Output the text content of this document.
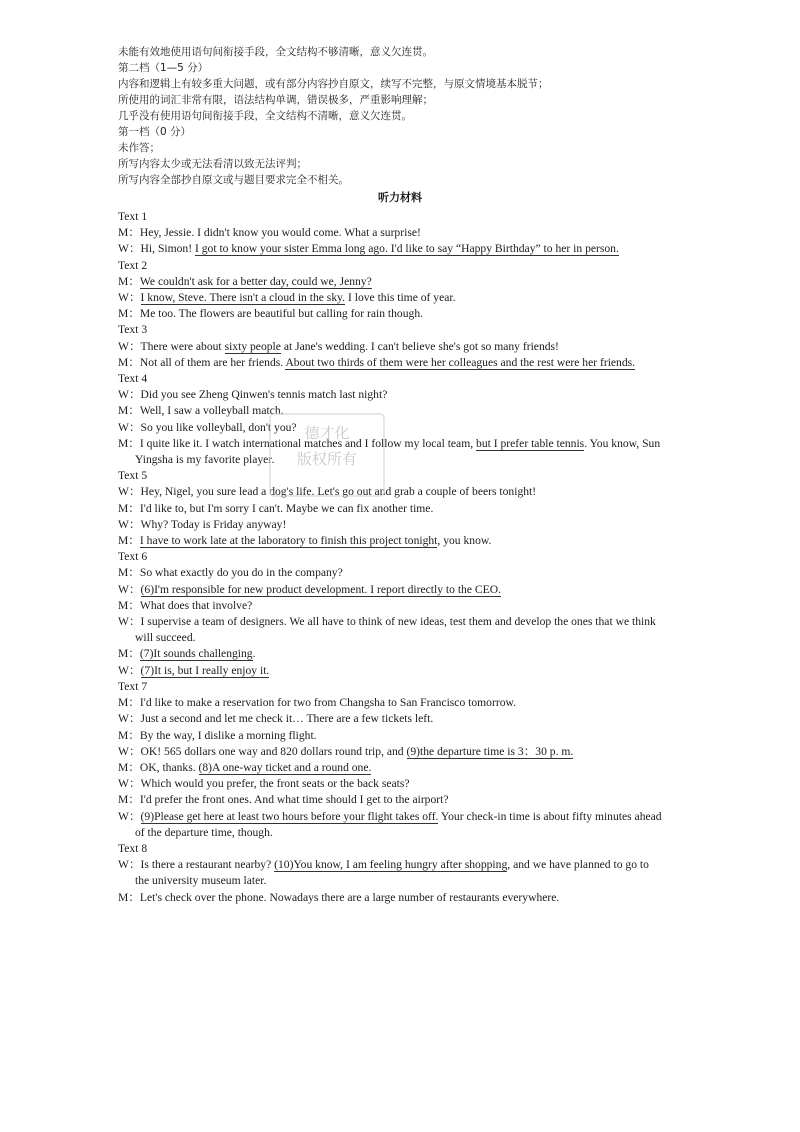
未能有效地使用语句间衔接手段，全文结构不够清晰，意义欠连贯。
第二档（1—5 分）
内容和逻辑上有较多重大问题，或有部分内容抄自原文，续写不完整，与原文情境基本脱节；
所使用的词汇非常有限，语法结构单调，错误极多，严重影响理解；
几乎没有使用语句间衔接手段，全文结构不清晰，意义欠连贯。
第一档（0 分）
未作答；
所写内容太少或无法看清以致无法评判；
所写内容全部抄自原文或与题目要求完全不相关。
听力材料
Text 1
M：Hey, Jessie. I didn't know you would come. What a surprise!
W：Hi, Simon! I got to know your sister Emma long ago. I'd like to say “Happy Birthday” to her in person.
Text 2
M：We couldn't ask for a better day, could we, Jenny?
W：I know, Steve. There isn't a cloud in the sky. I love this time of year.
M：Me too. The flowers are beautiful but calling for rain though.
Text 3
W：There were about sixty people at Jane's wedding. I can't believe she's got so many friends!
M：Not all of them are her friends. About two thirds of them were her colleagues and the rest were her friends.
Text 4
W：Did you see Zheng Qinwen's tennis match last night?
M：Well, I saw a volleyball match.
W：So you like volleyball, don't you?
M：I quite like it. I watch international matches and I follow my local team, but I prefer table tennis. You know, Sun
Yingsha is my favorite player.
Text 5
W：Hey, Nigel, you sure lead a dog's life. Let's go out and grab a couple of beers tonight!
M：I'd like to, but I'm sorry I can't. Maybe we can fix another time.
W：Why? Today is Friday anyway!
M：I have to work late at the laboratory to finish this project tonight, you know.
Text 6
M：So what exactly do you do in the company?
W：(6)I'm responsible for new product development. I report directly to the CEO.
M：What does that involve?
W：I supervise a team of designers. We all have to think of new ideas, test them and develop the ones that we think
will succeed.
M：(7)It sounds challenging.
W：(7)It is, but I really enjoy it.
Text 7
M：I'd like to make a reservation for two from Changsha to San Francisco tomorrow.
W：Just a second and let me check it… There are a few tickets left.
M：By the way, I dislike a morning flight.
W：OK! 565 dollars one way and 820 dollars round trip, and (9)the departure time is 3：30 p. m.
M：OK, thanks. (8)A one-way ticket and a round one.
W：Which would you prefer, the front seats or the back seats?
M：I'd prefer the front ones. And what time should I get to the airport?
W：(9)Please get here at least two hours before your flight takes off. Your check-in time is about fifty minutes ahead
of the departure time, though.
Text 8
W：Is there a restaurant nearby? (10)You know, I am feeling hungry after shopping, and we have planned to go to
the university museum later.
M：Let's check over the phone. Nowadays there are a large number of restaurants everywhere.
德才化
版权所有
